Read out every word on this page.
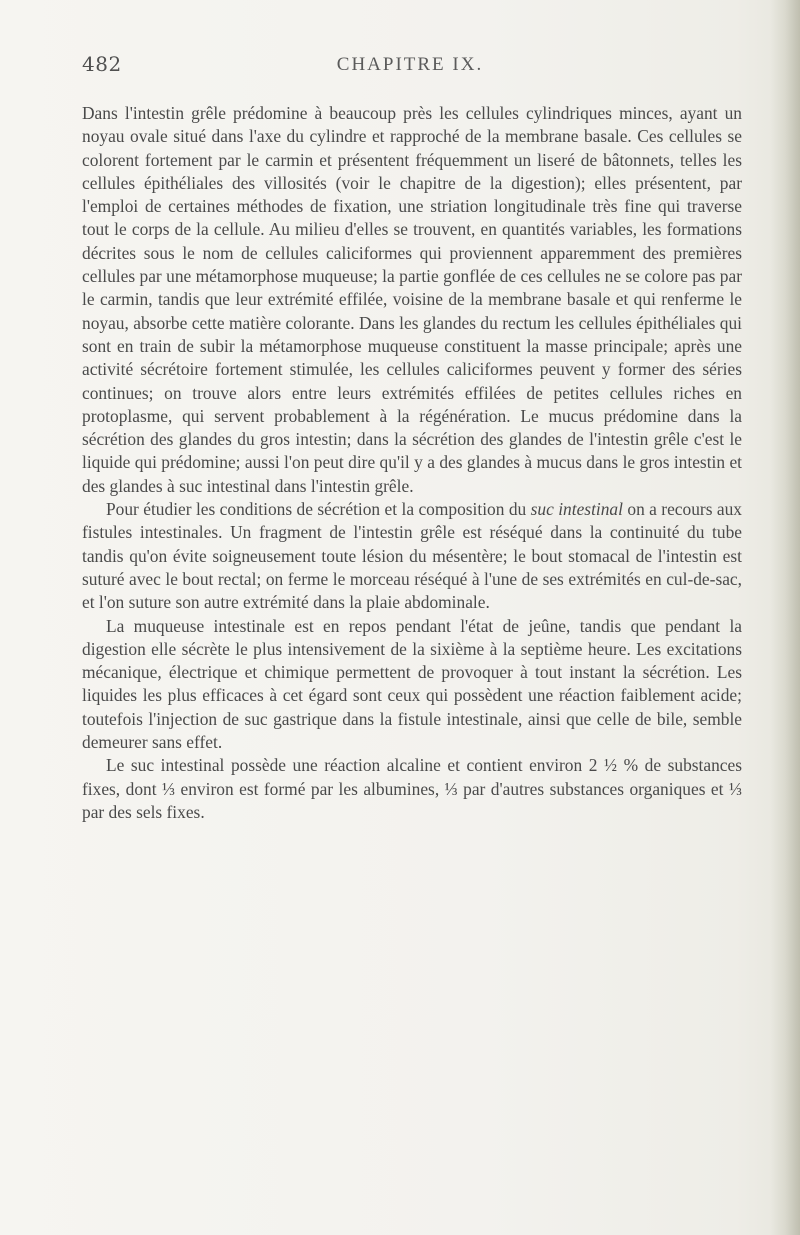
482	CHAPITRE IX.

Dans l'intestin grêle prédomine à beaucoup près les cellules cylindriques minces, ayant un noyau ovale situé dans l'axe du cylindre et rapproché de la membrane basale. Ces cellules se colorent fortement par le carmin et présentent fréquemment un liseré de bâtonnets, telles les cellules épithéliales des villosités (voir le chapitre de la digestion); elles présentent, par l'emploi de certaines méthodes de fixation, une striation longitudinale très fine qui traverse tout le corps de la cellule. Au milieu d'elles se trouvent, en quantités variables, les formations décrites sous le nom de cellules caliciformes qui proviennent apparemment des premières cellules par une métamorphose muqueuse; la partie gonflée de ces cellules ne se colore pas par le carmin, tandis que leur extrémité effilée, voisine de la membrane basale et qui renferme le noyau, absorbe cette matière colorante. Dans les glandes du rectum les cellules épithéliales qui sont en train de subir la métamorphose muqueuse constituent la masse principale; après une activité sécrétoire fortement stimulée, les cellules caliciformes peuvent y former des séries continues; on trouve alors entre leurs extrémités effilées de petites cellules riches en protoplasme, qui servent probablement à la régénération. Le mucus prédomine dans la sécrétion des glandes du gros intestin; dans la sécrétion des glandes de l'intestin grêle c'est le liquide qui prédomine; aussi l'on peut dire qu'il y a des glandes à mucus dans le gros intestin et des glandes à suc intestinal dans l'intestin grêle.

Pour étudier les conditions de sécrétion et la composition du suc intestinal on a recours aux fistules intestinales. Un fragment de l'intestin grêle est réséqué dans la continuité du tube tandis qu'on évite soigneusement toute lésion du mésentère; le bout stomacal de l'intestin est suturé avec le bout rectal; on ferme le morceau réséqué à l'une de ses extrémités en cul-de-sac, et l'on suture son autre extrémité dans la plaie abdominale.

La muqueuse intestinale est en repos pendant l'état de jeûne, tandis que pendant la digestion elle sécrète le plus intensivement de la sixième à la septième heure. Les excitations mécanique, électrique et chimique permettent de provoquer à tout instant la sécrétion. Les liquides les plus efficaces à cet égard sont ceux qui possèdent une réaction faiblement acide; toutefois l'injection de suc gastrique dans la fistule intestinale, ainsi que celle de bile, semble demeurer sans effet.

Le suc intestinal possède une réaction alcaline et contient environ 2 ½ % de substances fixes, dont ⅓ environ est formé par les albumines, ⅓ par d'autres substances organiques et ⅓ par des sels fixes.
